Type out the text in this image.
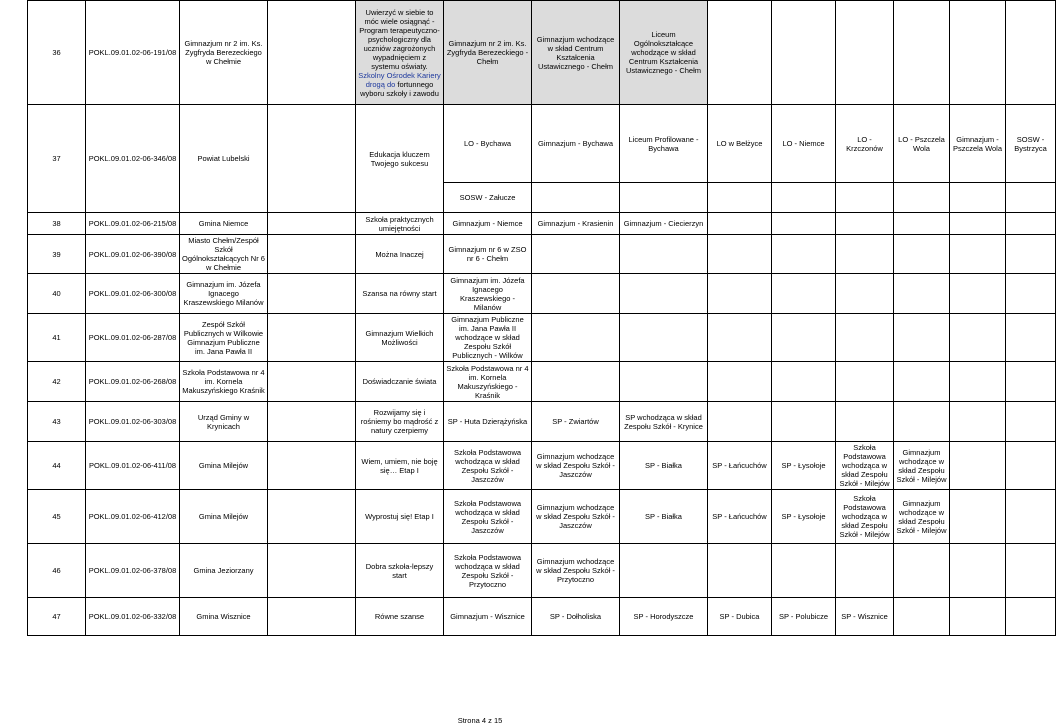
36	POKL.09.01.02-06-191/08	Gimnazjum nr 2 im. Ks. Zygfryda Berezeckiego w Chełmie		Uwierzyć w siebie to móc wiele osiągnąć - Program terapeutyczno-psychologiczny dla uczniów zagrożonych wypadnięciem z systemu oświaty. Szkolny Ośrodek Kariery drogą do fortunnego wyboru szkoły i zawodu	Gimnazjum nr 2 im. Ks. Zygfryda Berezeckiego - Chełm	Gimnazjum wchodzące w skład Centrum Kształcenia Ustawicznego - Chełm	Liceum Ogólnokształcące wchodzące w skład Centrum Kształcenia Ustawicznego - Chełm						

37	POKL.09.01.02-06-346/08	Powiat Lubelski		Edukacja kluczem Twojego sukcesu	LO - Bychawa	Gimnazjum - Bychawa	Liceum Profilowane - Bychawa	LO w Bełżyce	LO - Niemce	LO - Krzczonów	LO - Pszczela Wola	Gimnazjum - Pszczela Wola	SOSW - Bystrzyca

					SOSW - Załucze								

38	POKL.09.01.02-06-215/08	Gmina Niemce		Szkoła praktycznych umiejętności	Gimnazjum - Niemce	Gimnazjum - Krasienin	Gimnazjum - Ciecierzyn						

39	POKL.09.01.02-06-390/08	Miasto Chełm/Zespół Szkół Ogólnokształcących Nr 6 w Chełmie		Można Inaczej	Gimnazjum nr 6 w ZSO nr 6 - Chełm								

40	POKL.09.01.02-06-300/08	Gimnazjum im. Józefa Ignacego Kraszewskiego Milanów		Szansa na równy start	Gimnazjum im. Józefa Ignacego Kraszewskiego - Milanów								

41	POKL.09.01.02-06-287/08	Zespół Szkół Publicznych w Wilkowie Gimnazjum Publiczne im. Jana Pawła II		Gimnazjum Wielkich Możliwości	Gimnazjum Publiczne im. Jana Pawła II wchodzące w skład Zespołu Szkół Publicznych - Wilków								

42	POKL.09.01.02-06-268/08	Szkoła Podstawowa nr 4 im. Kornela Makuszyńskiego Kraśnik		Doświadczanie świata	Szkoła Podstawowa nr 4 im. Kornela Makuszyńskiego - Kraśnik								

43	POKL.09.01.02-06-303/08	Urząd Gminy w Krynicach		Rozwijamy się i rośniemy bo mądrość z natury czerpiemy	SP - Huta Dzierążyńska	SP - Zwiartów	SP wchodząca w skład Zespołu Szkół - Krynice						

44	POKL.09.01.02-06-411/08	Gmina Milejów		Wiem, umiem, nie boję się… Etap I	Szkoła Podstawowa wchodząca w skład Zespołu Szkół - Jaszczów	Gimnazjum wchodzące w skład Zespołu Szkół - Jaszczów	SP - Białka	SP - Łańcuchów	SP - Łysołoje	Szkoła Podstawowa wchodząca w skład Zespołu Szkół - Milejów	Gimnazjum wchodzące w skład Zespołu Szkół - Milejów		

45	POKL.09.01.02-06-412/08	Gmina Milejów		Wyprostuj się! Etap I	Szkoła Podstawowa wchodząca w skład Zespołu Szkół - Jaszczów	Gimnazjum wchodzące w skład Zespołu Szkół - Jaszczów	SP - Białka	SP - Łańcuchów	SP - Łysołoje	Szkoła Podstawowa wchodząca w skład Zespołu Szkół - Milejów	Gimnazjum wchodzące w skład Zespołu Szkół - Milejów		

46	POKL.09.01.02-06-378/08	Gmina Jeziorzany		Dobra szkoła-lepszy start	Szkoła Podstawowa wchodząca w skład Zespołu Szkół - Przytoczno	Gimnazjum wchodzące w skład Zespołu Szkół - Przytoczno							

47	POKL.09.01.02-06-332/08	Gmina Wisznice		Równe szanse	Gimnazjum - Wisznice	SP - Dołholiska	SP - Horodyszcze	SP - Dubica	SP - Polubicze	SP - Wisznice			

Strona 4 z 15
